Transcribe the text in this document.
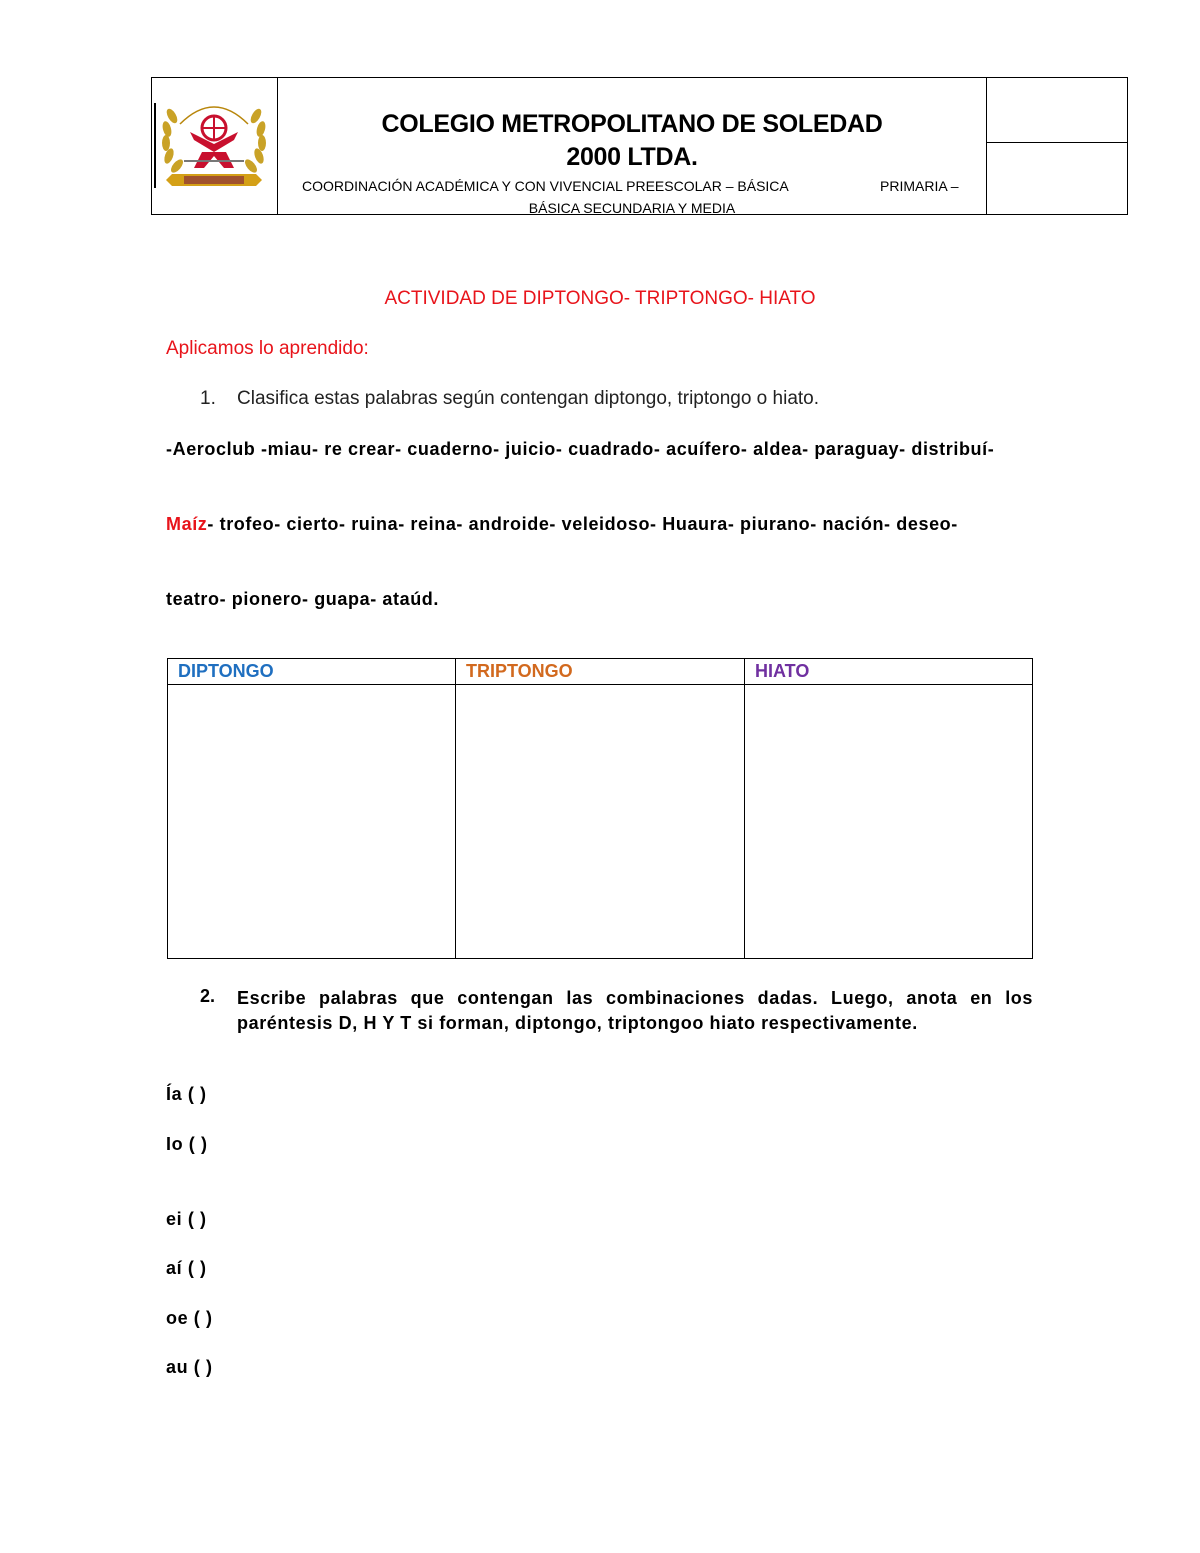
COLEGIO METROPOLITANO DE SOLEDAD
2000 LTDA.
COORDINACIÓN ACADÉMICA Y CON VIVENCIAL PREESCOLAR – BÁSICA	PRIMARIA –
BÁSICA SECUNDARIA Y MEDIA
ACTIVIDAD DE DIPTONGO- TRIPTONGO- HIATO
Aplicamos lo aprendido:
1. Clasifica estas palabras según contengan diptongo, triptongo o hiato.
-Aeroclub -miau- re crear- cuaderno- juicio- cuadrado- acuífero- aldea- paraguay- distribuí-
Maíz- trofeo- cierto- ruina- reina- androide- veleidoso- Huaura- piurano- nación- deseo-
teatro- pionero- guapa- ataúd.
DIPTONGO	TRIPTONGO	HIATO
2. Escribe palabras que contengan las combinaciones dadas. Luego, anota en los paréntesis D, H Y T si forman, diptongo, triptongoo hiato respectivamente.
Ía ( )
Io ( )
ei ( )
aí ( )
oe ( )
au ( )
